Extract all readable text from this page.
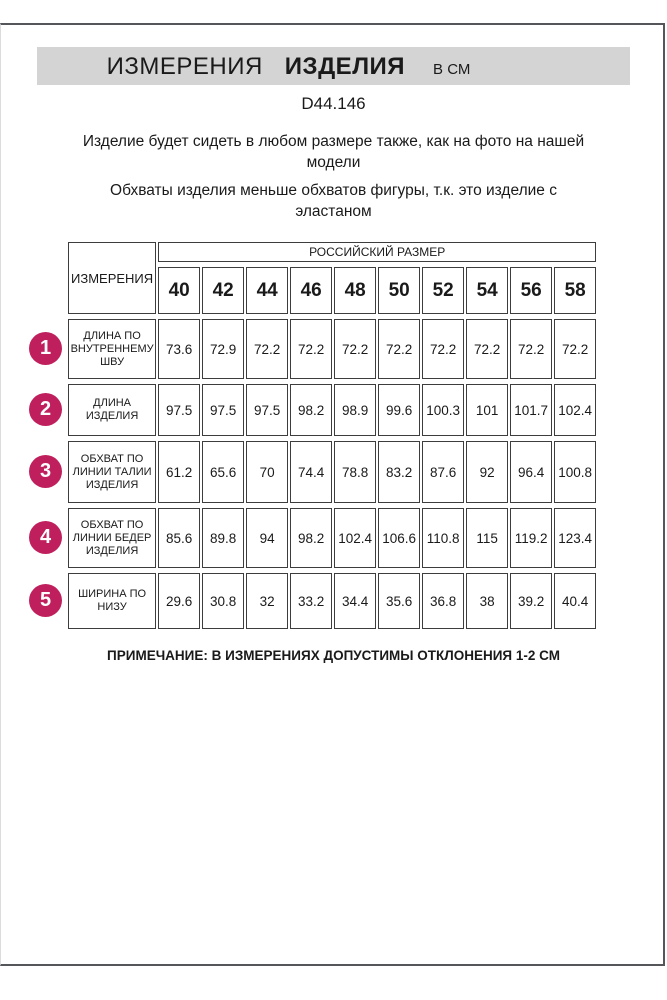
ИЗМЕРЕНИЯ ИЗДЕЛИЯ В СМ
D44.146
Изделие будет сидеть в любом размере также, как на фото на нашей модели
Обхваты изделия меньше обхватов фигуры, т.к. это изделие с эластаном
1
2
3
4
5
ИЗМЕРЕНИЯ	РОССИЙСКИЙ РАЗМЕР									
	40	42	44	46	48	50	52	54	56	58
ДЛИНА ПО ВНУТРЕННЕМУ ШВУ	73.6	72.9	72.2	72.2	72.2	72.2	72.2	72.2	72.2	72.2
ДЛИНА ИЗДЕЛИЯ	97.5	97.5	97.5	98.2	98.9	99.6	100.3	101	101.7	102.4
ОБХВАТ ПО ЛИНИИ ТАЛИИ ИЗДЕЛИЯ	61.2	65.6	70	74.4	78.8	83.2	87.6	92	96.4	100.8
ОБХВАТ ПО ЛИНИИ БЕДЕР ИЗДЕЛИЯ	85.6	89.8	94	98.2	102.4	106.6	110.8	115	119.2	123.4
ШИРИНА ПО НИЗУ	29.6	30.8	32	33.2	34.4	35.6	36.8	38	39.2	40.4
ПРИМЕЧАНИЕ: В ИЗМЕРЕНИЯХ ДОПУСТИМЫ ОТКЛОНЕНИЯ 1-2 СМ
